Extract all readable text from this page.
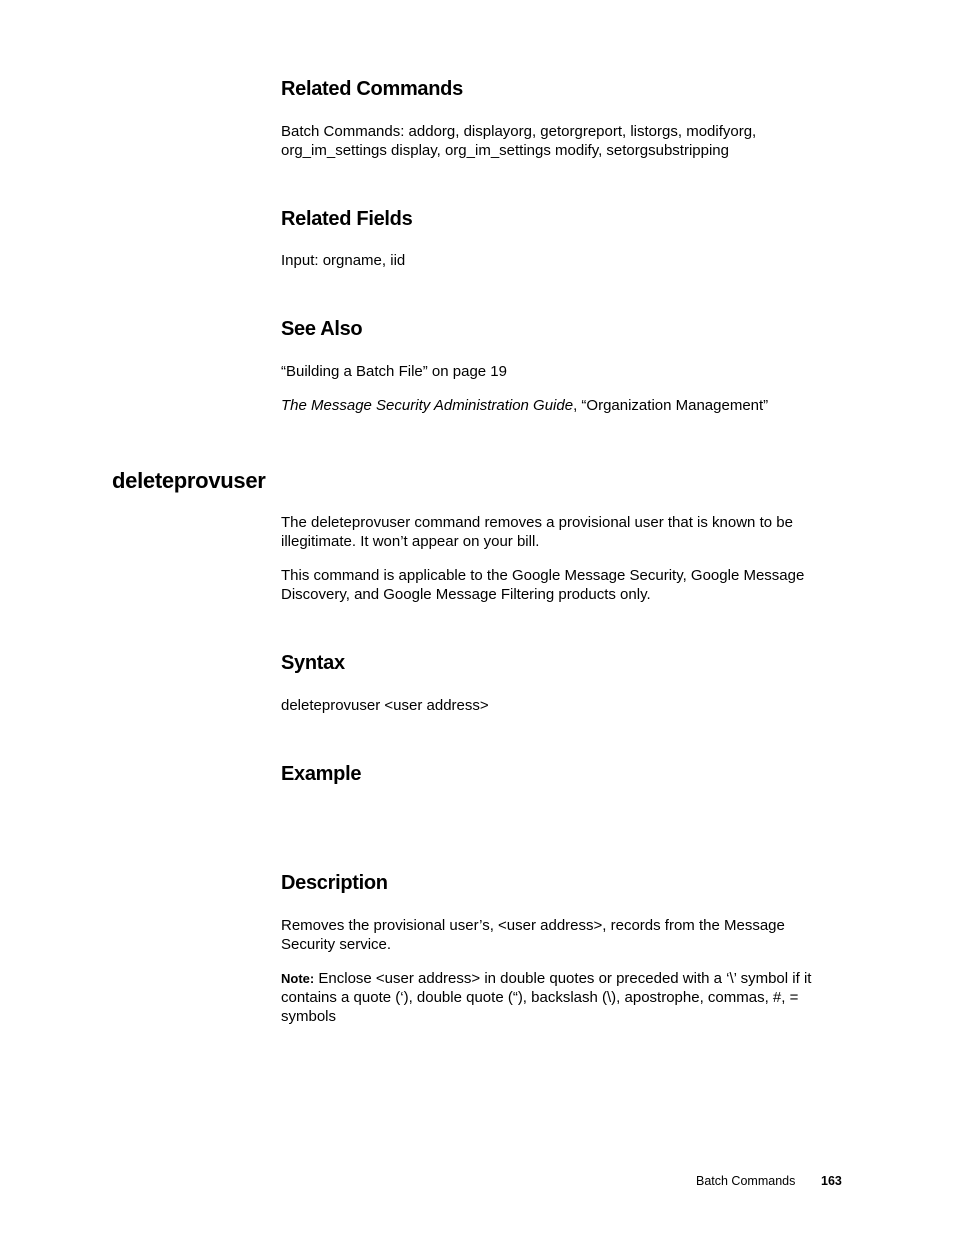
Related Commands

Batch Commands: addorg, displayorg, getorgreport, listorgs, modifyorg,
org_im_settings display, org_im_settings modify, setorgsubstripping

Related Fields

Input: orgname, iid

See Also

“Building a Batch File” on page 19

The Message Security Administration Guide, “Organization Management”

deleteprovuser

The deleteprovuser command removes a provisional user that is known to be
illegitimate. It won’t appear on your bill.

This command is applicable to the Google Message Security, Google Message
Discovery, and Google Message Filtering products only.

Syntax

deleteprovuser <user address>

Example
Description

Removes the provisional user’s, <user address>, records from the Message
Security service.

Note: Enclose <user address> in double quotes or preceded with a ‘\’ symbol if it
contains a quote (‘), double quote (“), backslash (\), apostrophe, commas, #, =
symbols

Batch Commands 163
